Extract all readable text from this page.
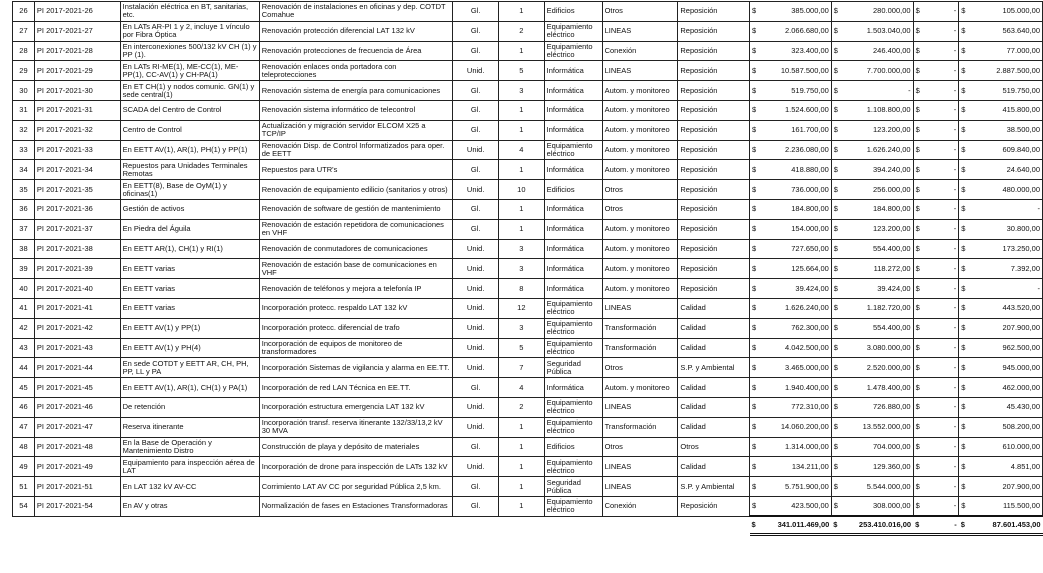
26	PI 2017-2021-26	Instalación eléctrica en BT, sanitarias, etc.	Renovación de instalaciones en oficinas y dep. COTDT Comahue	Gl.	1	Edificios	Otros	Reposición	$ 385.000,00	$ 280.000,00	$ -	$ 105.000,00

27	PI 2017-2021-27	En LATs AR-PI 1 y 2, incluye 1 vínculo por Fibra Óptica	Renovación protección diferencial LAT 132 kV	Gl.	2	Equipamiento eléctrico	LINEAS	Reposición	$ 2.066.680,00	$ 1.503.040,00	$ -	$ 563.640,00

28	PI 2017-2021-28	En interconexiones 500/132 kV CH (1) y PP (1).	Renovación protecciones de frecuencia de Área	Gl.	1	Equipamiento eléctrico	Conexión	Reposición	$ 323.400,00	$ 246.400,00	$ -	$ 77.000,00

29	PI 2017-2021-29	En LATs RI-ME(1), ME-CC(1), ME-PP(1), CC-AV(1) y CH-PA(1)	Renovación enlaces onda portadora con teleprotecciones	Unid.	5	Informática	LINEAS	Reposición	$ 10.587.500,00	$ 7.700.000,00	$ -	$ 2.887.500,00

30	PI 2017-2021-30	En ET CH(1) y nodos comunic. GN(1) y sede central(1)	Renovación sistema de energía para comunicaciones	Gl.	3	Informática	Autom. y monitoreo	Reposición	$ 519.750,00	$ -	$ -	$ 519.750,00

31	PI 2017-2021-31	SCADA del Centro de Control	Renovación sistema informático de telecontrol	Gl.	1	Informática	Autom. y monitoreo	Reposición	$ 1.524.600,00	$ 1.108.800,00	$ -	$ 415.800,00

32	PI 2017-2021-32	Centro de Control	Actualización y migración servidor ELCOM X25 a TCP/IP	Gl.	1	Informática	Autom. y monitoreo	Reposición	$ 161.700,00	$ 123.200,00	$ -	$ 38.500,00

33	PI 2017-2021-33	En EETT AV(1), AR(1), PH(1) y PP(1)	Renovación Disp. de Control Informatizados para oper. de EETT	Unid.	4	Equipamiento eléctrico	Autom. y monitoreo	Reposición	$ 2.236.080,00	$ 1.626.240,00	$ -	$ 609.840,00

34	PI 2017-2021-34	Repuestos para Unidades Terminales Remotas	Repuestos para UTR's	Gl.	1	Informática	Autom. y monitoreo	Reposición	$ 418.880,00	$ 394.240,00	$ -	$ 24.640,00

35	PI 2017-2021-35	En EETT(8), Base de OyM(1) y oficinas(1)	Renovación de equipamiento edilicio (sanitarios y otros)	Unid.	10	Edificios	Otros	Reposición	$ 736.000,00	$ 256.000,00	$ -	$ 480.000,00

36	PI 2017-2021-36	Gestión de activos	Renovación de software de gestión de mantenimiento	Gl.	1	Informática	Otros	Reposición	$ 184.800,00	$ 184.800,00	$ -	$ -

37	PI 2017-2021-37	En Piedra del Águila	Renovación de estación repetidora de comunicaciones en VHF	Gl.	1	Informática	Autom. y monitoreo	Reposición	$ 154.000,00	$ 123.200,00	$ -	$ 30.800,00

38	PI 2017-2021-38	En EETT AR(1), CH(1) y RI(1)	Renovación de conmutadores de comunicaciones	Unid.	3	Informática	Autom. y monitoreo	Reposición	$ 727.650,00	$ 554.400,00	$ -	$ 173.250,00

39	PI 2017-2021-39	En EETT varias	Renovación de estación base de comunicaciones en VHF	Unid.	3	Informática	Autom. y monitoreo	Reposición	$ 125.664,00	$ 118.272,00	$ -	$ 7.392,00

40	PI 2017-2021-40	En EETT varias	Renovación de teléfonos y mejora a telefonía IP	Unid.	8	Informática	Autom. y monitoreo	Reposición	$ 39.424,00	$ 39.424,00	$ -	$ -

41	PI 2017-2021-41	En EETT varias	Incorporación protecc. respaldo LAT 132 kV	Unid.	12	Equipamiento eléctrico	LINEAS	Calidad	$ 1.626.240,00	$ 1.182.720,00	$ -	$ 443.520,00

42	PI 2017-2021-42	En EETT AV(1) y PP(1)	Incorporación protecc. diferencial de trafo	Unid.	3	Equipamiento eléctrico	Transformación	Calidad	$ 762.300,00	$ 554.400,00	$ -	$ 207.900,00

43	PI 2017-2021-43	En EETT AV(1) y PH(4)	Incorporación de equipos de monitoreo de transformadores	Unid.	5	Equipamiento eléctrico	Transformación	Calidad	$ 4.042.500,00	$ 3.080.000,00	$ -	$ 962.500,00

44	PI 2017-2021-44	En sede COTDT y EETT AR, CH, PH, PP, LL y PA	Incorporación Sistemas de vigilancia y alarma en EE.TT.	Unid.	7	Seguridad Pública	Otros	S.P. y Ambiental	$ 3.465.000,00	$ 2.520.000,00	$ -	$ 945.000,00

45	PI 2017-2021-45	En EETT AV(1), AR(1), CH(1) y PA(1)	Incorporación de red LAN Técnica en EE.TT.	Gl.	4	Informática	Autom. y monitoreo	Calidad	$ 1.940.400,00	$ 1.478.400,00	$ -	$ 462.000,00

46	PI 2017-2021-46	De retención	Incorporación estructura emergencia LAT 132 kV	Unid.	2	Equipamiento eléctrico	LINEAS	Calidad	$ 772.310,00	$ 726.880,00	$ -	$ 45.430,00

47	PI 2017-2021-47	Reserva itinerante	Incorporación transf. reserva itinerante 132/33/13,2 kV 30 MVA	Unid.	1	Equipamiento eléctrico	Transformación	Calidad	$ 14.060.200,00	$ 13.552.000,00	$ -	$ 508.200,00

48	PI 2017-2021-48	En la Base de Operación y Mantenimiento Distro	Construcción de playa y depósito de materiales	Gl.	1	Edificios	Otros	Otros	$ 1.314.000,00	$ 704.000,00	$ -	$ 610.000,00

49	PI 2017-2021-49	Equipamiento para inspección aérea de LAT	Incorporación de drone para inspección de LATs 132 kV	Unid.	1	Equipamiento eléctrico	LINEAS	Calidad	$ 134.211,00	$ 129.360,00	$ -	$ 4.851,00

51	PI 2017-2021-51	En LAT 132 kV AV-CC	Corrimiento LAT AV CC por seguridad Pública 2,5 km.	Gl.	1	Seguridad Pública	LINEAS	S.P. y Ambiental	$ 5.751.900,00	$ 5.544.000,00	$ -	$ 207.900,00

54	PI 2017-2021-54	En AV y otras	Normalización de fases en Estaciones Transformadoras	Gl.	1	Equipamiento eléctrico	Conexión	Reposición	$ 423.500,00	$ 308.000,00	$ -	$ 115.500,00

									$ 341.011.469,00	$ 253.410.016,00	$ -	$ 87.601.453,00
